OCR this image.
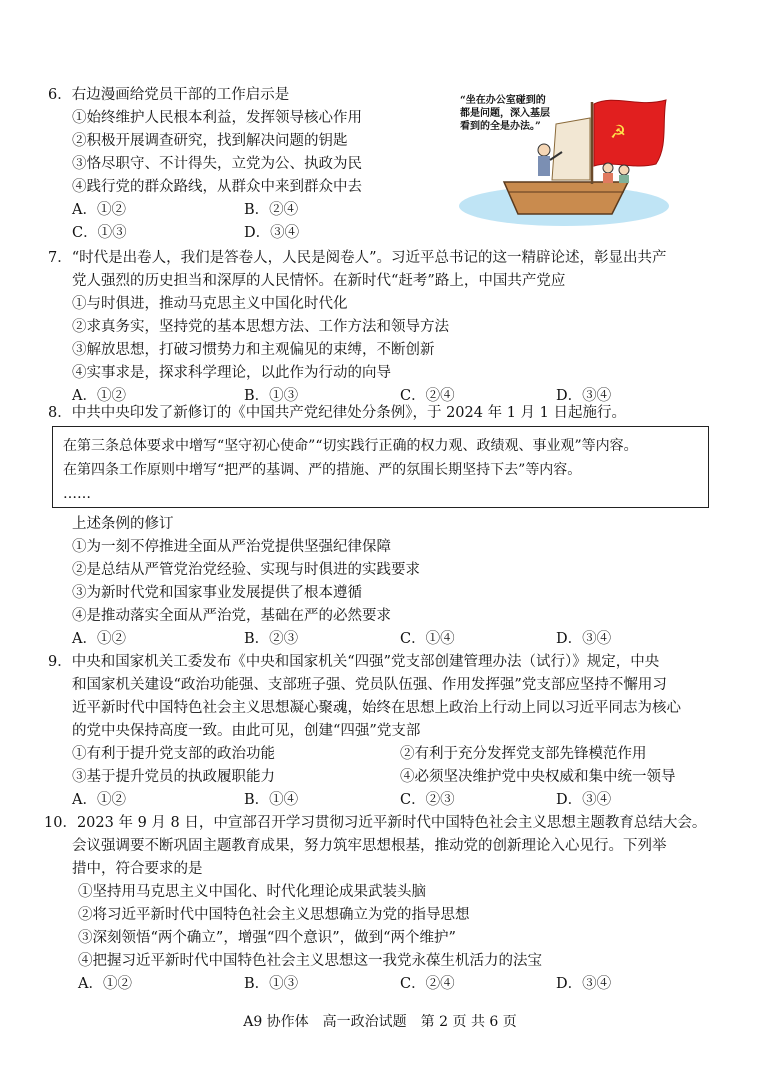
6．右边漫画给党员干部的工作启示是
①始终维护人民根本利益，发挥领导核心作用
②积极开展调查研究，找到解决问题的钥匙
③恪尽职守、不计得失，立党为公、执政为民
④践行党的群众路线，从群众中来到群众中去
A．①②	B．②④
C．①③	D．③④
☭
“坐在办公室碰到的
都是问题，深入基层
看到的全是办法。”
7．“时代是出卷人，我们是答卷人，人民是阅卷人”。习近平总书记的这一精辟论述，彰显出共产
党人强烈的历史担当和深厚的人民情怀。在新时代“赶考”路上，中国共产党应
①与时俱进，推动马克思主义中国化时代化
②求真务实，坚持党的基本思想方法、工作方法和领导方法
③解放思想，打破习惯势力和主观偏见的束缚，不断创新
④实事求是，探求科学理论，以此作为行动的向导
A．①②	B．①③	C．②④	D．③④
8．中共中央印发了新修订的《中国共产党纪律处分条例》，于 2024 年 1 月 1 日起施行。
在第三条总体要求中增写“坚守初心使命”“切实践行正确的权力观、政绩观、事业观”等内容。
在第四条工作原则中增写“把严的基调、严的措施、严的氛围长期坚持下去”等内容。
……
上述条例的修订
①为一刻不停推进全面从严治党提供坚强纪律保障
②是总结从严管党治党经验、实现与时俱进的实践要求
③为新时代党和国家事业发展提供了根本遵循
④是推动落实全面从严治党，基础在严的必然要求
A．①②	B．②③	C．①④	D．③④
9．中央和国家机关工委发布《中央和国家机关“四强”党支部创建管理办法（试行）》规定，中央
和国家机关建设“政治功能强、支部班子强、党员队伍强、作用发挥强”党支部应坚持不懈用习
近平新时代中国特色社会主义思想凝心聚魂，始终在思想上政治上行动上同以习近平同志为核心
的党中央保持高度一致。由此可见，创建“四强”党支部
①有利于提升党支部的政治功能	②有利于充分发挥党支部先锋模范作用
③基于提升党员的执政履职能力	④必须坚决维护党中央权威和集中统一领导
A．①②	B．①④	C．②③	D．③④
10．2023 年 9 月 8 日，中宣部召开学习贯彻习近平新时代中国特色社会主义思想主题教育总结大会。
会议强调要不断巩固主题教育成果，努力筑牢思想根基，推动党的创新理论入心见行。下列举
措中，符合要求的是
①坚持用马克思主义中国化、时代化理论成果武装头脑
②将习近平新时代中国特色社会主义思想确立为党的指导思想
③深刻领悟“两个确立”，增强“四个意识”，做到“两个维护”
④把握习近平新时代中国特色社会主义思想这一我党永葆生机活力的法宝
A．①②	B．①③	C．②④	D．③④
A9 协作体　高一政治试题　第 2 页 共 6 页
